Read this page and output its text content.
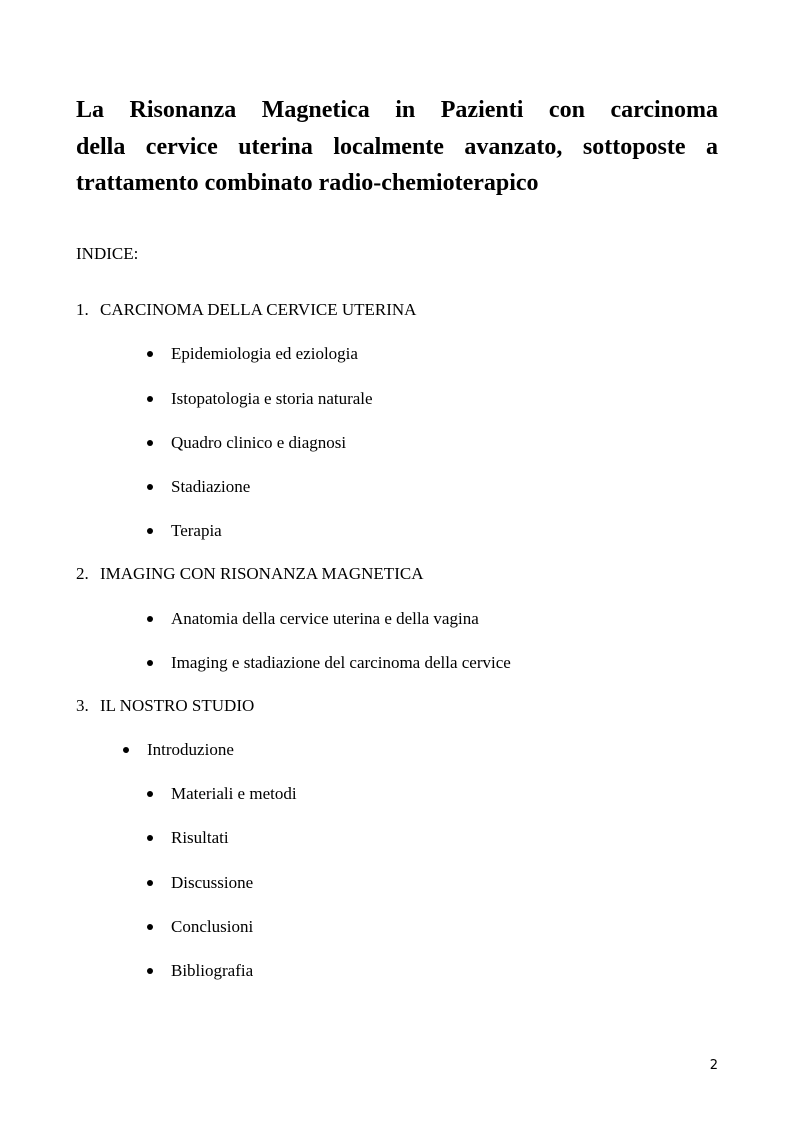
La Risonanza Magnetica in Pazienti con carcinoma
della cervice uterina localmente avanzato, sottoposte a
trattamento combinato radio-chemioterapico
INDICE:
1. CARCINOMA DELLA CERVICE UTERINA
Epidemiologia ed eziologia
Istopatologia e storia naturale
Quadro clinico e diagnosi
Stadiazione
Terapia
2. IMAGING CON RISONANZA MAGNETICA
Anatomia della cervice uterina e della vagina
Imaging e stadiazione del carcinoma della cervice
3. IL NOSTRO STUDIO
Introduzione
Materiali e metodi
Risultati
Discussione
Conclusioni
Bibliografia
2
